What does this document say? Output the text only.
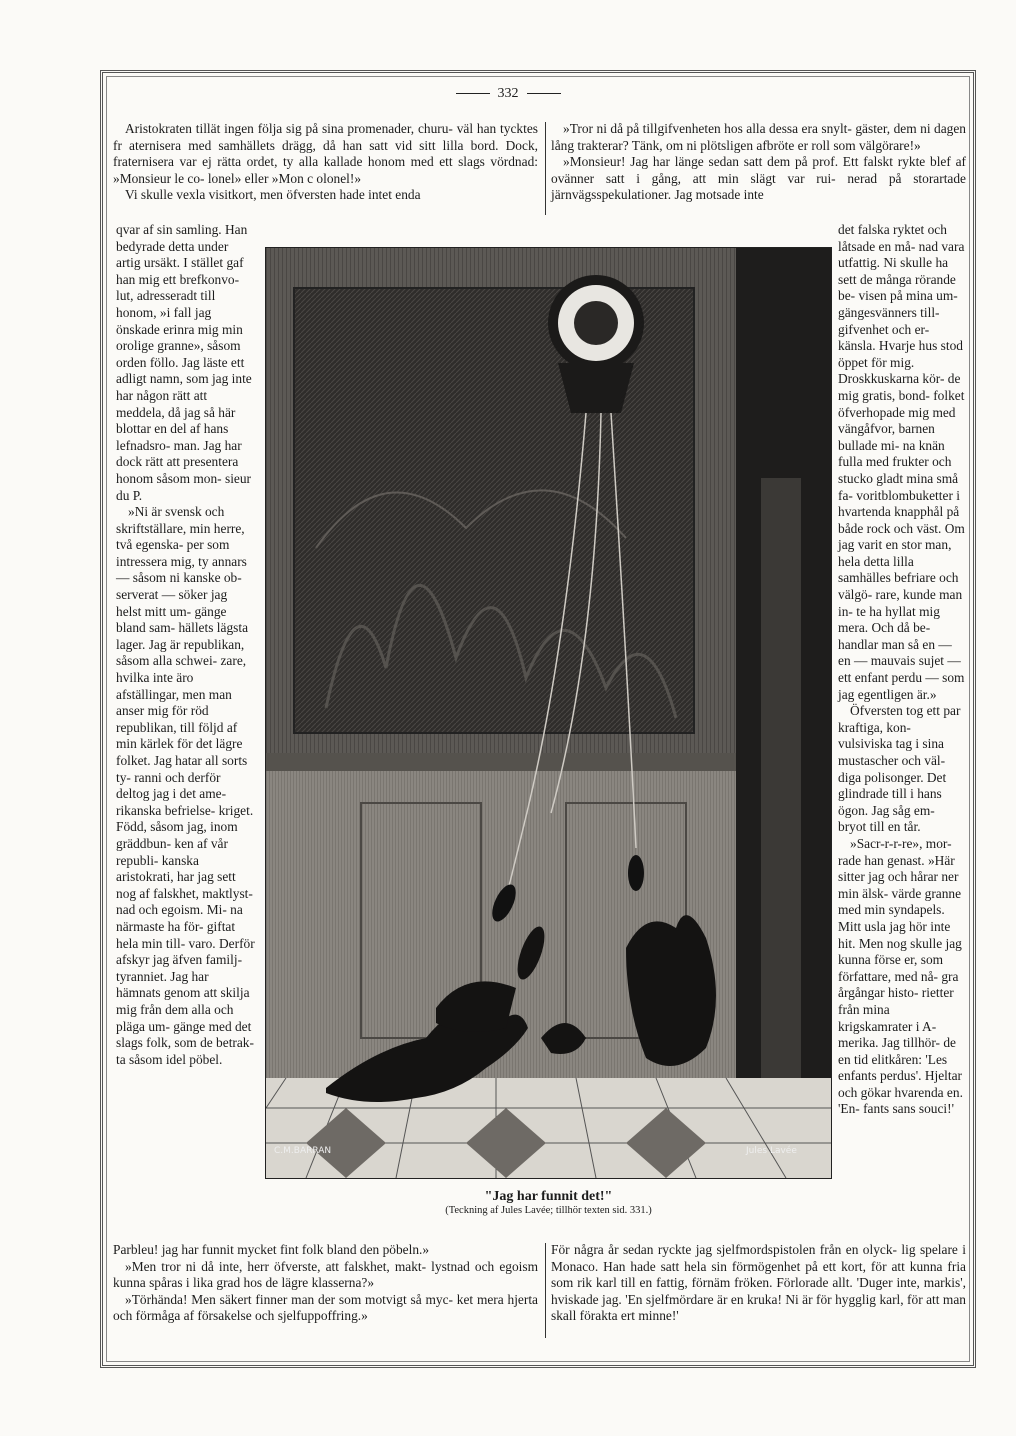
332

Aristokraten tillät ingen följa sig på sina promenader, churu- väl han tycktes fr aternisera med samhällets drägg, då han satt vid sitt lilla bord. Dock, fraternisera var ej rätta ordet, ty alla kallade honom med ett slags vördnad: »Monsieur le co- lonel» eller »Mon c olonel!»

Vi skulle vexla visitkort, men öfversten hade intet enda

»Tror ni då på tillgifvenheten hos alla dessa era snylt- gäster, dem ni dagen lång trakterar? Tänk, om ni plötsligen afbröte er roll som välgörare!»

»Monsieur! Jag har länge sedan satt dem på prof. Ett falskt rykte blef af ovänner satt i gång, att min slägt var rui- nerad på storartade järnvägsspekulationer. Jag motsade inte

qvar af sin samling. Han bedyrade detta under artig ursäkt. I stället gaf han mig ett brefkonvo- lut, adresseradt till honom, »i fall jag önskade erinra mig min orolige granne», såsom orden föllo. Jag läste ett adligt namn, som jag inte har någon rätt att meddela, då jag så här blottar en del af hans lefnadsro- man. Jag har dock rätt att presentera honom såsom mon- sieur du P.

»Ni är svensk och skriftställare, min herre, två egenska- per som intressera mig, ty annars — såsom ni kanske ob- serverat — söker jag helst mitt um- gänge bland sam- hällets lägsta lager. Jag är republikan, såsom alla schwei- zare, hvilka inte äro afställingar, men man anser mig för röd republikan, till följd af min kärlek för det lägre folket. Jag hatar all sorts ty- ranni och derför deltog jag i det ame- rikanska befrielse- kriget. Född, såsom jag, inom gräddbun- ken af vår republi- kanska aristokrati, har jag sett nog af falskhet, maktlyst- nad och egoism. Mi- na närmaste ha för- giftat hela min till- varo. Derför afskyr jag äfven familj- tyranniet. Jag har hämnats genom att skilja mig från dem alla och pläga um- gänge med det slags folk, som de betrak- ta såsom idel pöbel.

det falska ryktet och låtsade en må- nad vara utfattig. Ni skulle ha sett de många rörande be- visen på mina um- gängesvänners till- gifvenhet och er- känsla. Hvarje hus stod öppet för mig. Droskkuskarna kör- de mig gratis, bond- folket öfverhopade mig med vängåfvor, barnen bullade mi- na knän fulla med frukter och stucko gladt mina små fa- voritblombuketter i hvartenda knapphål på både rock och väst. Om jag varit en stor man, hela detta lilla samhälles befriare och välgö- rare, kunde man in- te ha hyllat mig mera. Och då be- handlar man så en — en — mauvais sujet — ett enfant perdu — som jag egentligen är.»

Öfversten tog ett par kraftiga, kon- vulsiviska tag i sina mustascher och väl- diga polisonger. Det glindrade till i hans ögon. Jag såg em- bryot till en tår.

»Sacr-r-r-re», mor- rade han genast. »Här sitter jag och hårar ner min älsk- värde granne med min syndapels. Mitt usla jag hör inte hit. Men nog skulle jag kunna förse er, som författare, med nå- gra årgångar histo- rietter från mina krigskamrater i A- merika. Jag tillhör- de en tid elitkåren: 'Les enfants perdus'. Hjeltar och gökar hvarenda en. 'En- fants sans souci!'

C.M.BARRAN	Jules Lavée
"Jag har funnit det!"
(Teckning af Jules Lavée; tillhör texten sid. 331.)

Parbleu! jag har funnit mycket fint folk bland den pöbeln.»

»Men tror ni då inte, herr öfverste, att falskhet, makt- lystnad och egoism kunna spåras i lika grad hos de lägre klasserna?»

»Törhända! Men säkert finner man der som motvigt så myc- ket mera hjerta och förmåga af försakelse och sjelfuppoffring.»

För några år sedan ryckte jag sjelfmordspistolen från en olyck- lig spelare i Monaco. Han hade satt hela sin förmögenhet på ett kort, för att kunna fria som rik karl till en fattig, förnäm fröken. Förlorade allt. 'Duger inte, markis', hviskade jag. 'En sjelfmördare är en kruka! Ni är för hygglig karl, för att man skall förakta ert minne!'
